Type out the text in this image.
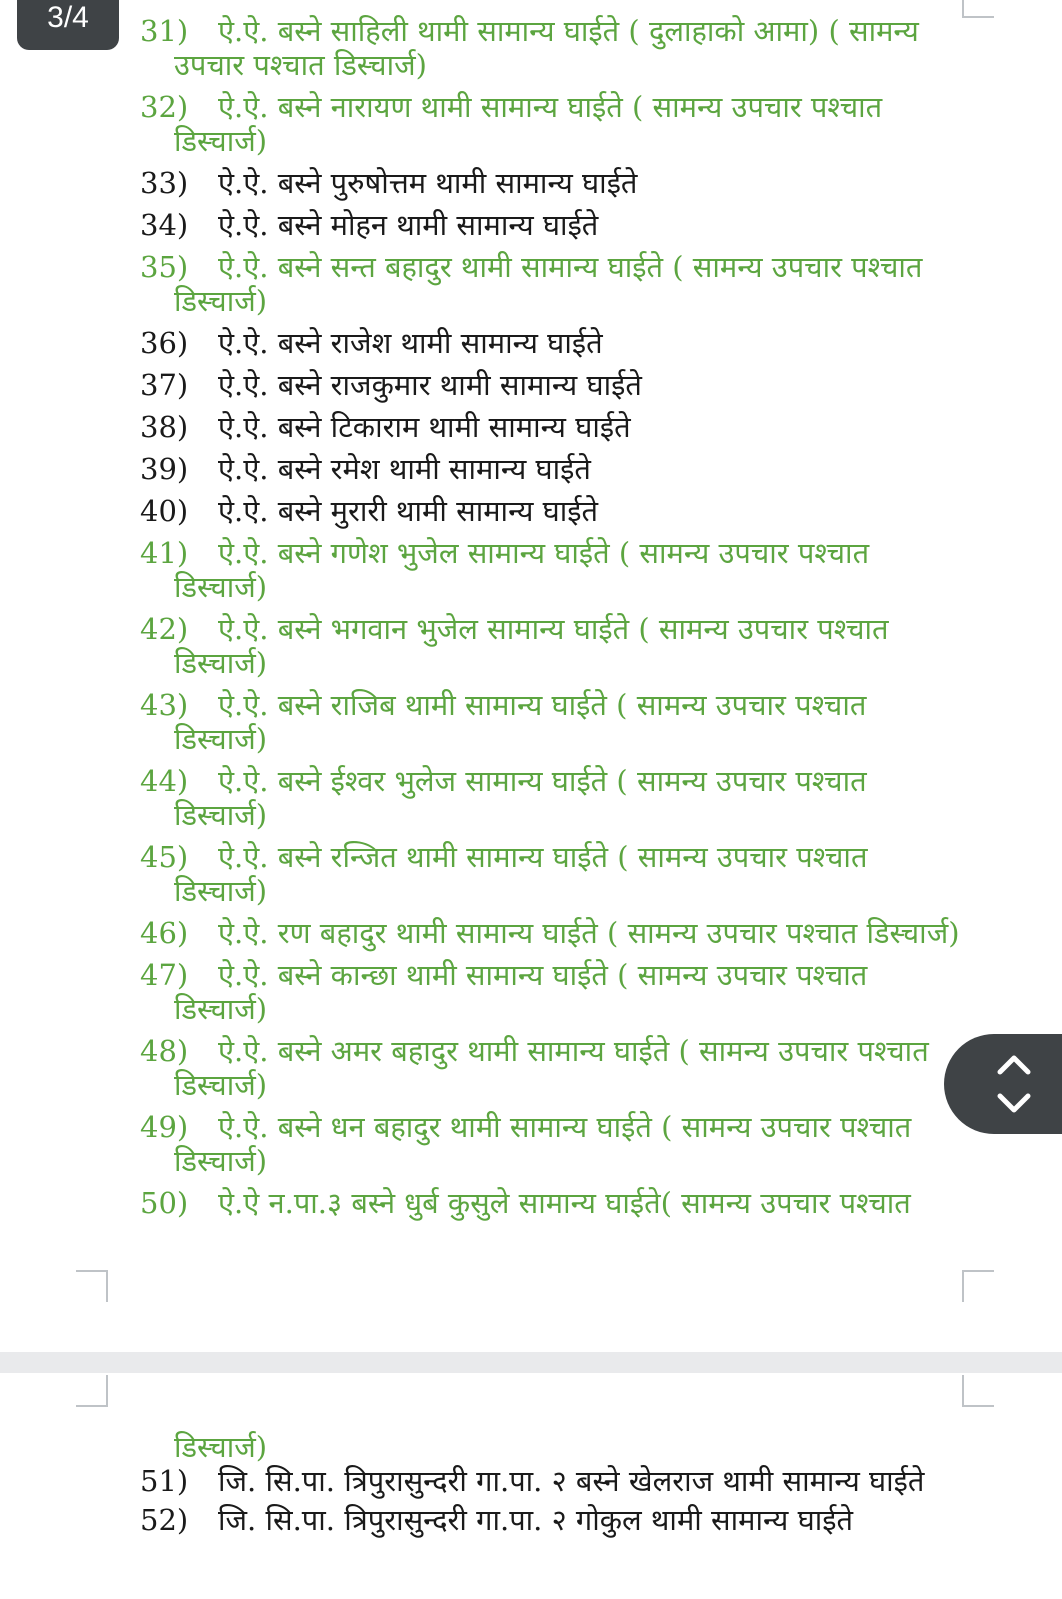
31) ऐ.ऐ. बस्ने साहिली थामी सामान्य घाईते ( दुलाहाको आमा) ( सामन्य उपचार पश्चात डिस्चार्ज)
32) ऐ.ऐ. बस्ने नारायण थामी सामान्य घाईते ( सामन्य उपचार पश्चात डिस्चार्ज)
33) ऐ.ऐ. बस्ने पुरुषोत्तम थामी सामान्य घाईते
34) ऐ.ऐ. बस्ने मोहन थामी सामान्य घाईते
35) ऐ.ऐ. बस्ने सन्त बहादुर थामी सामान्य घाईते ( सामन्य उपचार पश्चात डिस्चार्ज)
36) ऐ.ऐ. बस्ने राजेश थामी सामान्य घाईते
37) ऐ.ऐ. बस्ने राजकुमार थामी सामान्य घाईते
38) ऐ.ऐ. बस्ने टिकाराम थामी सामान्य घाईते
39) ऐ.ऐ. बस्ने रमेश थामी सामान्य घाईते
40) ऐ.ऐ. बस्ने मुरारी थामी सामान्य घाईते
41) ऐ.ऐ. बस्ने गणेश भुजेल सामान्य घाईते ( सामन्य उपचार पश्चात डिस्चार्ज)
42) ऐ.ऐ. बस्ने भगवान भुजेल सामान्य घाईते ( सामन्य उपचार पश्चात डिस्चार्ज)
43) ऐ.ऐ. बस्ने राजिब थामी सामान्य घाईते ( सामन्य उपचार पश्चात डिस्चार्ज)
44) ऐ.ऐ. बस्ने ईश्वर भुलेज सामान्य घाईते ( सामन्य उपचार पश्चात डिस्चार्ज)
45) ऐ.ऐ. बस्ने रन्जित थामी सामान्य घाईते ( सामन्य उपचार पश्चात डिस्चार्ज)
46) ऐ.ऐ. रण बहादुर थामी सामान्य घाईते ( सामन्य उपचार पश्चात डिस्चार्ज)
47) ऐ.ऐ. बस्ने कान्छा थामी सामान्य घाईते ( सामन्य उपचार पश्चात डिस्चार्ज)
48) ऐ.ऐ. बस्ने अमर बहादुर थामी सामान्य घाईते ( सामन्य उपचार पश्चात डिस्चार्ज)
49) ऐ.ऐ. बस्ने धन बहादुर थामी सामान्य घाईते ( सामन्य उपचार पश्चात डिस्चार्ज)
50) ऐ.ऐ न.पा.३ बस्ने धुर्ब कुसुले सामान्य घाईते( सामन्य उपचार पश्चात
डिस्चार्ज)
51) जि. सि.पा. त्रिपुरासुन्दरी गा.पा. २ बस्ने खेलराज थामी सामान्य घाईते
52) जि. सि.पा. त्रिपुरासुन्दरी गा.पा. २ गोकुल थामी सामान्य घाईते
3/4
